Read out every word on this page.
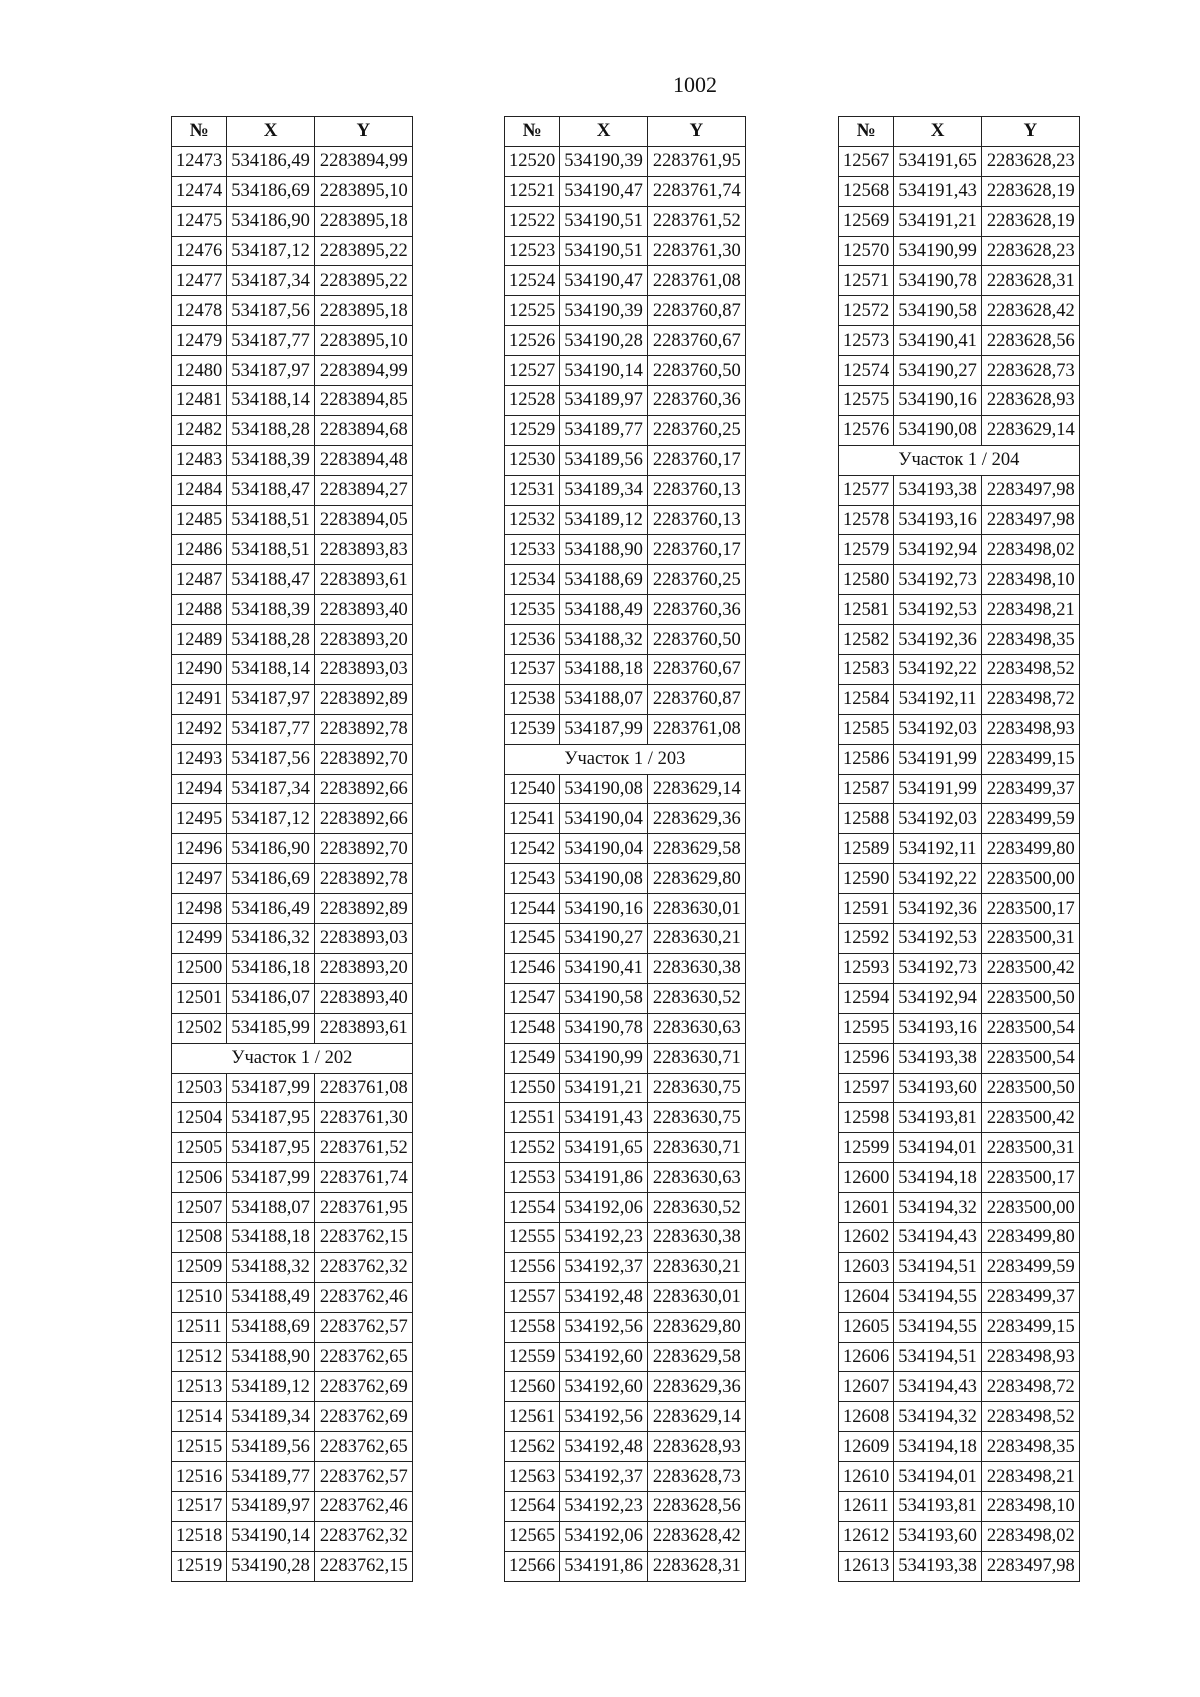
1002
№	X	Y
12473	534186,49	2283894,99
12474	534186,69	2283895,10
12475	534186,90	2283895,18
12476	534187,12	2283895,22
12477	534187,34	2283895,22
12478	534187,56	2283895,18
12479	534187,77	2283895,10
12480	534187,97	2283894,99
12481	534188,14	2283894,85
12482	534188,28	2283894,68
12483	534188,39	2283894,48
12484	534188,47	2283894,27
12485	534188,51	2283894,05
12486	534188,51	2283893,83
12487	534188,47	2283893,61
12488	534188,39	2283893,40
12489	534188,28	2283893,20
12490	534188,14	2283893,03
12491	534187,97	2283892,89
12492	534187,77	2283892,78
12493	534187,56	2283892,70
12494	534187,34	2283892,66
12495	534187,12	2283892,66
12496	534186,90	2283892,70
12497	534186,69	2283892,78
12498	534186,49	2283892,89
12499	534186,32	2283893,03
12500	534186,18	2283893,20
12501	534186,07	2283893,40
12502	534185,99	2283893,61
Участок 1 / 202		
12503	534187,99	2283761,08
12504	534187,95	2283761,30
12505	534187,95	2283761,52
12506	534187,99	2283761,74
12507	534188,07	2283761,95
12508	534188,18	2283762,15
12509	534188,32	2283762,32
12510	534188,49	2283762,46
12511	534188,69	2283762,57
12512	534188,90	2283762,65
12513	534189,12	2283762,69
12514	534189,34	2283762,69
12515	534189,56	2283762,65
12516	534189,77	2283762,57
12517	534189,97	2283762,46
12518	534190,14	2283762,32
12519	534190,28	2283762,15
№	X	Y
12520	534190,39	2283761,95
12521	534190,47	2283761,74
12522	534190,51	2283761,52
12523	534190,51	2283761,30
12524	534190,47	2283761,08
12525	534190,39	2283760,87
12526	534190,28	2283760,67
12527	534190,14	2283760,50
12528	534189,97	2283760,36
12529	534189,77	2283760,25
12530	534189,56	2283760,17
12531	534189,34	2283760,13
12532	534189,12	2283760,13
12533	534188,90	2283760,17
12534	534188,69	2283760,25
12535	534188,49	2283760,36
12536	534188,32	2283760,50
12537	534188,18	2283760,67
12538	534188,07	2283760,87
12539	534187,99	2283761,08
Участок 1 / 203		
12540	534190,08	2283629,14
12541	534190,04	2283629,36
12542	534190,04	2283629,58
12543	534190,08	2283629,80
12544	534190,16	2283630,01
12545	534190,27	2283630,21
12546	534190,41	2283630,38
12547	534190,58	2283630,52
12548	534190,78	2283630,63
12549	534190,99	2283630,71
12550	534191,21	2283630,75
12551	534191,43	2283630,75
12552	534191,65	2283630,71
12553	534191,86	2283630,63
12554	534192,06	2283630,52
12555	534192,23	2283630,38
12556	534192,37	2283630,21
12557	534192,48	2283630,01
12558	534192,56	2283629,80
12559	534192,60	2283629,58
12560	534192,60	2283629,36
12561	534192,56	2283629,14
12562	534192,48	2283628,93
12563	534192,37	2283628,73
12564	534192,23	2283628,56
12565	534192,06	2283628,42
12566	534191,86	2283628,31
№	X	Y
12567	534191,65	2283628,23
12568	534191,43	2283628,19
12569	534191,21	2283628,19
12570	534190,99	2283628,23
12571	534190,78	2283628,31
12572	534190,58	2283628,42
12573	534190,41	2283628,56
12574	534190,27	2283628,73
12575	534190,16	2283628,93
12576	534190,08	2283629,14
Участок 1 / 204		
12577	534193,38	2283497,98
12578	534193,16	2283497,98
12579	534192,94	2283498,02
12580	534192,73	2283498,10
12581	534192,53	2283498,21
12582	534192,36	2283498,35
12583	534192,22	2283498,52
12584	534192,11	2283498,72
12585	534192,03	2283498,93
12586	534191,99	2283499,15
12587	534191,99	2283499,37
12588	534192,03	2283499,59
12589	534192,11	2283499,80
12590	534192,22	2283500,00
12591	534192,36	2283500,17
12592	534192,53	2283500,31
12593	534192,73	2283500,42
12594	534192,94	2283500,50
12595	534193,16	2283500,54
12596	534193,38	2283500,54
12597	534193,60	2283500,50
12598	534193,81	2283500,42
12599	534194,01	2283500,31
12600	534194,18	2283500,17
12601	534194,32	2283500,00
12602	534194,43	2283499,80
12603	534194,51	2283499,59
12604	534194,55	2283499,37
12605	534194,55	2283499,15
12606	534194,51	2283498,93
12607	534194,43	2283498,72
12608	534194,32	2283498,52
12609	534194,18	2283498,35
12610	534194,01	2283498,21
12611	534193,81	2283498,10
12612	534193,60	2283498,02
12613	534193,38	2283497,98
